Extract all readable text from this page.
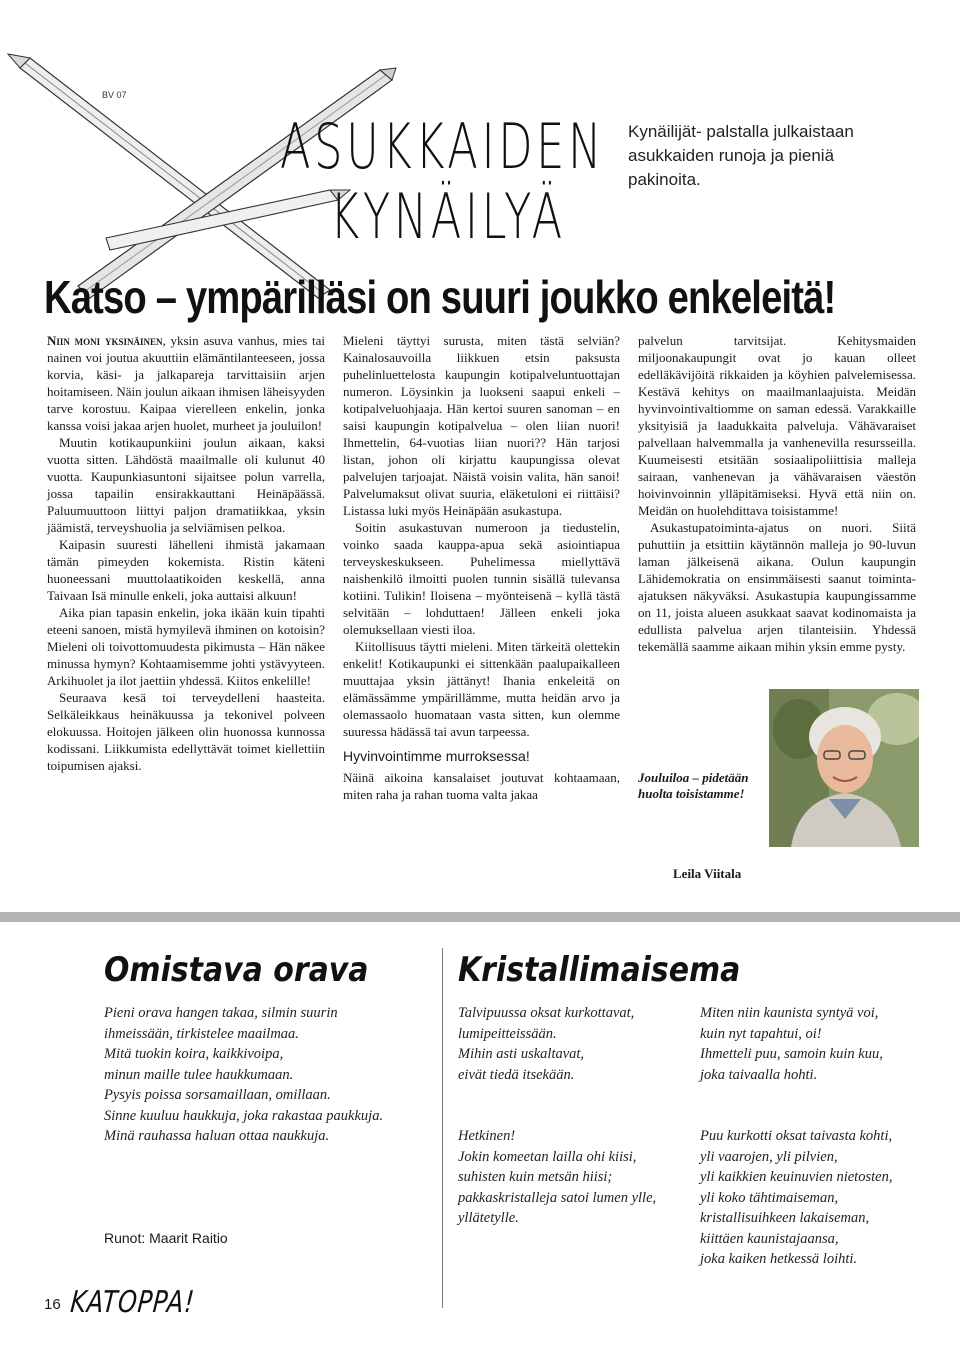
BV 07
ASUKKAIDEN
KYNÄILYÄ
Kynäilijät- palstalla julkaistaan asukkaiden runoja ja pieniä pakinoita.
Katso – ympärilläsi on suuri joukko enkeleitä!

Niin moni yksinäinen, yksin asuva vanhus, mies tai nainen voi joutua akuuttiin elämäntilanteeseen, jossa korvia, käsi- ja jalkapareja tarvittaisiin arjen hoitamiseen. Näin joulun aikaan ihmisen läheisyyden tarve korostuu. Kaipaa vierelleen enkelin, jonka kanssa voisi jakaa arjen huolet, murheet ja jouluilon!

Muutin kotikaupunkiini joulun aikaan, kaksi vuotta sitten. Lähdöstä maailmalle oli kulunut 40 vuotta. Kaupunkiasuntoni sijaitsee polun varrella, jossa tapailin ensirakkauttani Heinäpäässä. Paluumuuttoon liittyi paljon dramatiikkaa, yksin jäämistä, terveyshuolia ja selviämisen pelkoa.

Kaipasin suuresti lähelleni ihmistä jakamaan tämän pimeyden kokemista. Ristin käteni huoneessani muuttolaatikoiden keskellä, anna Taivaan Isä minulle enkeli, joka auttaisi alkuun!

Aika pian tapasin enkelin, joka ikään kuin tipahti eteeni sanoen, mistä hymyilevä ihminen on kotoisin? Mieleni oli toivottomuudesta pikimusta – Hän näkee minussa hymyn? Kohtaamisemme johti ystävyyteen. Arkihuolet ja ilot jaettiin yhdessä. Kiitos enkelille!

Seuraava kesä toi terveydelleni haasteita. Selkäleikkaus heinäkuussa ja tekonivel polveen elokuussa. Hoitojen jälkeen olin huonossa kunnossa kodissani. Liikkumista edellyttävät toimet kiellettiin toipumisen ajaksi.

Mieleni täyttyi surusta, miten tästä selviän? Kainalosauvoilla liikkuen etsin paksusta puhelinluettelosta kaupungin kotipalveluntuottajan numeron. Löysinkin ja luokseni saapui enkeli – kotipalveluohjaaja. Hän kertoi suuren sanoman – en saisi kaupungin kotipalvelua – olen liian nuori! Ihmettelin, 64-vuotias liian nuori?? Hän tarjosi listan, johon oli kirjattu kaupungissa olevat palvelujen tarjoajat. Näistä voisin valita, hän sanoi! Palvelumaksut olivat suuria, eläketuloni ei riittäisi? Listassa luki myös Heinäpään asukastupa.

Soitin asukastuvan numeroon ja tiedustelin, voinko saada kauppa-apua sekä asiointiapua terveyskeskukseen. Puhelimessa miellyttävä naishenkilö ilmoitti puolen tunnin sisällä tulevansa kotiini. Tulikin! Iloisena – myönteisenä – kyllä tästä selvitään – lohduttaen! Jälleen enkeli joka olemuksellaan viesti iloa.

Kiitollisuus täytti mieleni. Miten tärkeitä olettekin enkelit! Kotikaupunki ei sittenkään paalupaikalleen muuttajaa yksin jättänyt! Ihania enkeleitä on elämässämme ympärillämme, mutta heidän arvo ja olemassaolo huomataan vasta sitten, kun olemme suuressa hädässä tai avun tarpeessa.

Hyvinvointimme murroksessa!

Näinä aikoina kansalaiset joutuvat kohtaamaan, miten raha ja rahan tuoma valta jakaa

palvelun tarvitsijat. Kehitysmaiden miljoonakaupungit ovat jo kauan olleet edelläkävijöitä rikkaiden ja köyhien palvelemisessa. Kestävä kehitys on maailmanlaajuista. Meidän hyvinvointivaltiomme on saman edessä. Varakkaille yksityisiä ja laadukkaita palveluja. Vähävaraiset palvellaan halvemmalla ja vanhenevilla resursseilla. Kuumeisesti etsitään sosiaalipoliittisia malleja sairaan, vanhenevan ja vähävaraisen väestön hoivinvoinnin ylläpitämiseksi. Hyvä että niin on. Meidän on huolehdittava toisistamme!

Asukastupatoiminta-ajatus on nuori. Siitä puhuttiin ja etsittiin käytännön malleja jo 90-luvun laman jälkeisenä aikana. Oulun kaupungin Lähidemokratia on ensimmäisesti saanut toiminta-ajatuksen näkyväksi. Asukastupia kaupungissamme on 11, joista alueen asukkaat saavat kodinomaista ja edullista palvelua arjen tilanteisiin. Yhdessä tekemällä saamme aikaan mihin yksin emme pysty.

Jouluiloa – pidetään huolta toisistamme!
Leila Viitala
Omistava orava
Pieni orava hangen takaa, silmin suurin
ihmeissään, tirkistelee maailmaa.
Mitä tuokin koira, kaikkivoipa,
minun maille tulee haukkumaan.
Pysyis poissa sorsamaillaan, omillaan.
Sinne kuuluu haukkuja, joka rakastaa paukkuja.
Minä rauhassa haluan ottaa naukkuja.
Runot: Maarit Raitio
Kristallimaisema
Talvipuussa oksat kurkottavat,
lumipeitteissään.
Mihin asti uskaltavat,
eivät tiedä itsekään.
Hetkinen!
Jokin komeetan lailla ohi kiisi,
suhisten kuin metsän hiisi;
pakkaskristalleja satoi lumen ylle,
yllätetylle.
Miten niin kaunista syntyä voi,
kuin nyt tapahtui, oi!
Ihmetteli puu, samoin kuin kuu,
joka taivaalla hohti.
Puu kurkotti oksat taivasta kohti,
yli vaarojen, yli pilvien,
yli kaikkien keuinuvien nietosten,
yli koko tähtimaiseman,
kristallisuihkeen lakaiseman,
kiittäen kaunistajaansa,
joka kaiken hetkessä loihti.
16 KATOPPA!
